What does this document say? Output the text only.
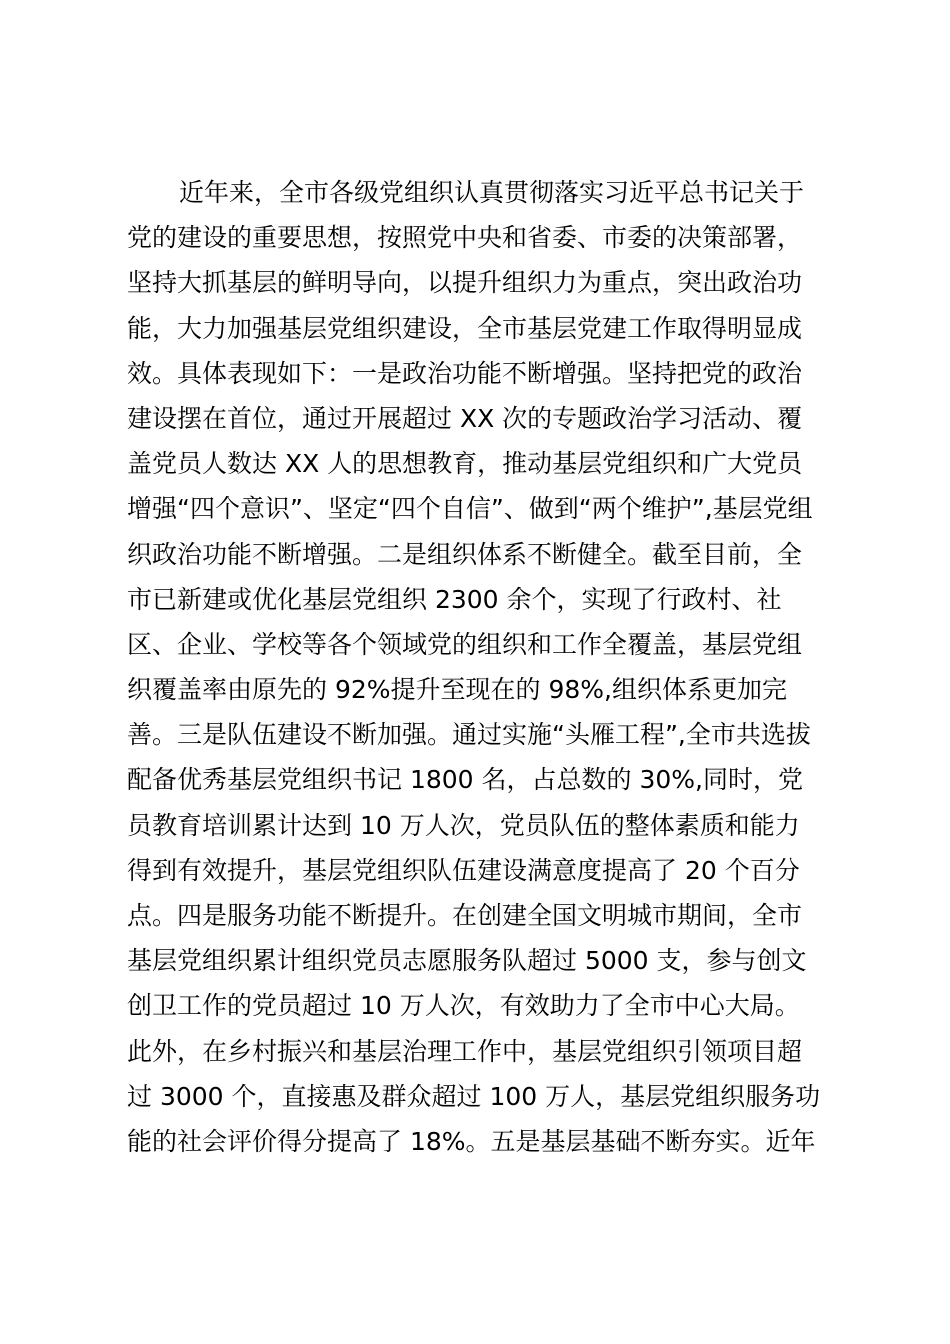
近年来，全市各级党组织认真贯彻落实习近平总书记关于
党的建设的重要思想，按照党中央和省委、市委的决策部署，
坚持大抓基层的鲜明导向，以提升组织力为重点，突出政治功
能，大力加强基层党组织建设，全市基层党建工作取得明显成
效。具体表现如下：一是政治功能不断增强。坚持把党的政治
建设摆在首位，通过开展超过 XX 次的专题政治学习活动、覆
盖党员人数达 XX 人的思想教育，推动基层党组织和广大党员
增强“四个意识”、坚定“四个自信”、做到“两个维护”,基层党组
织政治功能不断增强。二是组织体系不断健全。截至目前，全
市已新建或优化基层党组织 2300 余个，实现了行政村、社
区、企业、学校等各个领域党的组织和工作全覆盖，基层党组
织覆盖率由原先的 92%提升至现在的 98%,组织体系更加完
善。三是队伍建设不断加强。通过实施“头雁工程”,全市共选拔
配备优秀基层党组织书记 1800 名，占总数的 30%,同时，党
员教育培训累计达到 10 万人次，党员队伍的整体素质和能力
得到有效提升，基层党组织队伍建设满意度提高了 20 个百分
点。四是服务功能不断提升。在创建全国文明城市期间，全市
基层党组织累计组织党员志愿服务队超过 5000 支，参与创文
创卫工作的党员超过 10 万人次，有效助力了全市中心大局。
此外，在乡村振兴和基层治理工作中，基层党组织引领项目超
过 3000 个，直接惠及群众超过 100 万人，基层党组织服务功
能的社会评价得分提高了 18%。五是基层基础不断夯实。近年
